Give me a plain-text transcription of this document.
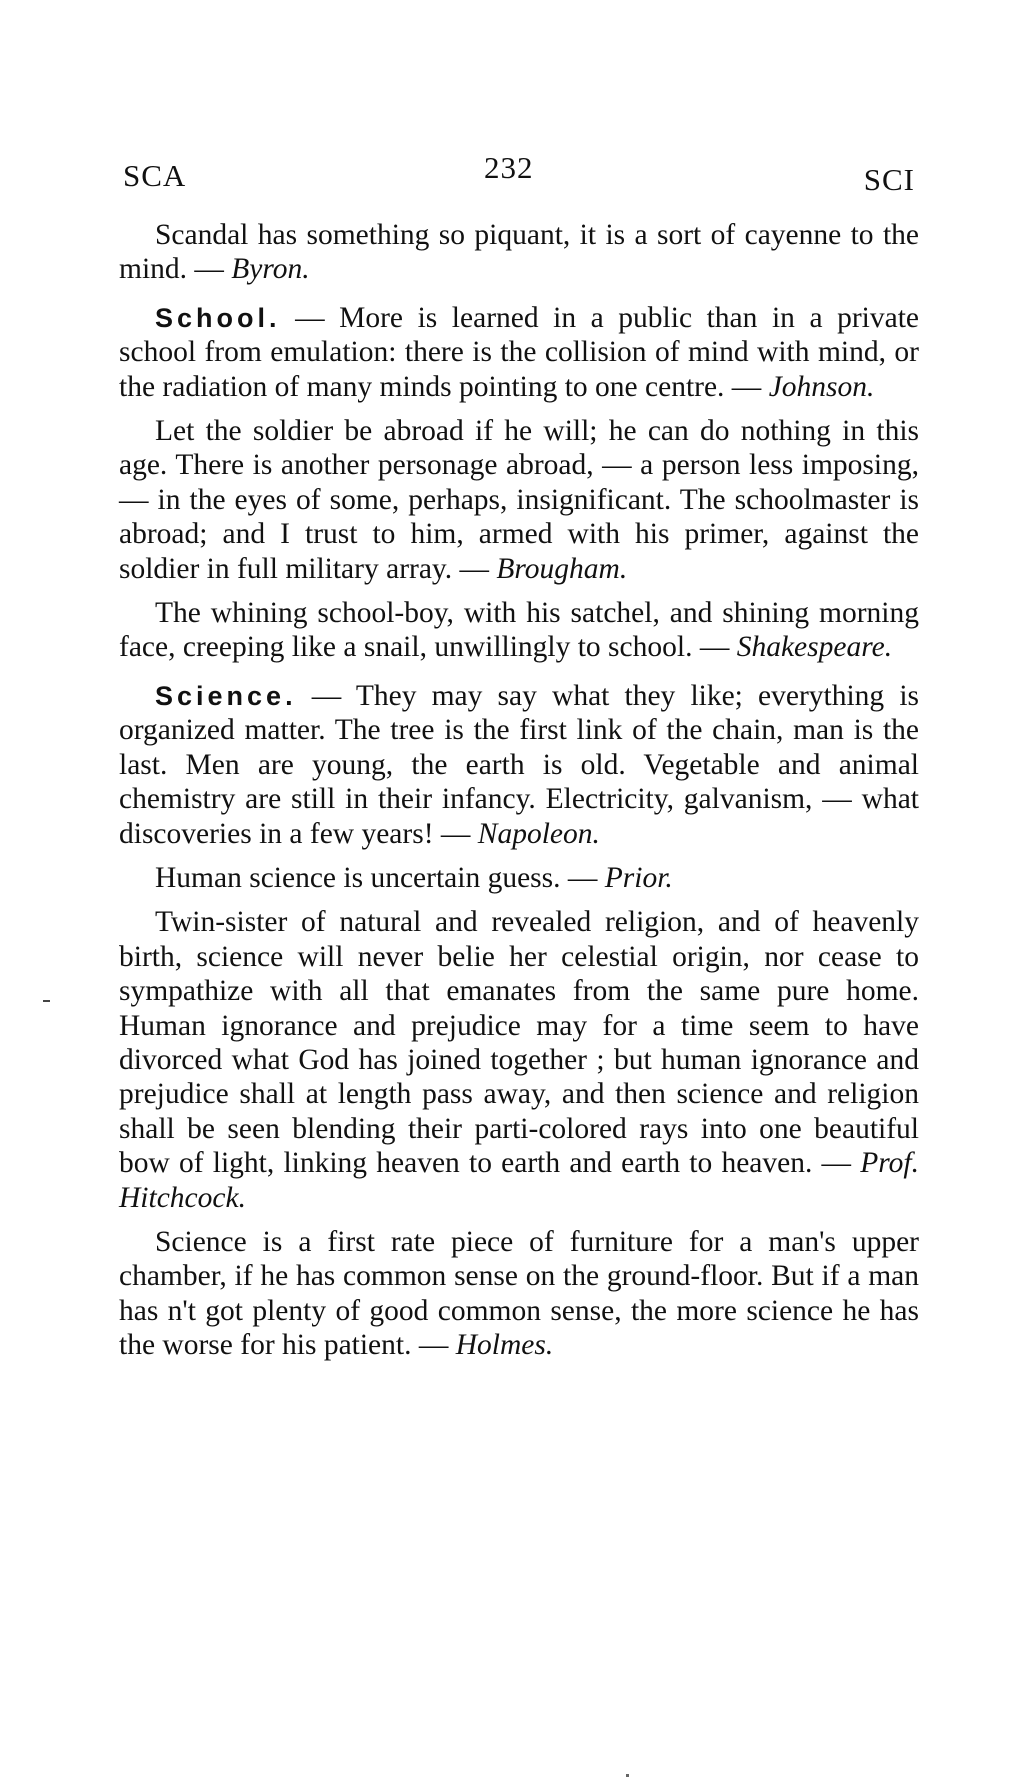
SCA	232	SCI

Scandal has something so piquant, it is a sort of cayenne to the mind. — Byron.

School. — More is learned in a public than in a private school from emulation: there is the collision of mind with mind, or the radiation of many minds pointing to one centre. — Johnson.

Let the soldier be abroad if he will; he can do nothing in this age. There is another personage abroad, — a person less imposing, — in the eyes of some, perhaps, insignificant. The schoolmaster is abroad; and I trust to him, armed with his primer, against the soldier in full military array. — Brougham.

The whining school-boy, with his satchel, and shining morning face, creeping like a snail, unwillingly to school. — Shakespeare.

Science. — They may say what they like; everything is organized matter. The tree is the first link of the chain, man is the last. Men are young, the earth is old. Vegetable and animal chemistry are still in their infancy. Electricity, galvanism, — what discoveries in a few years! — Napoleon.

Human science is uncertain guess. — Prior.

Twin-sister of natural and revealed religion, and of heavenly birth, science will never belie her celestial origin, nor cease to sympathize with all that emanates from the same pure home. Human ignorance and prejudice may for a time seem to have divorced what God has joined together ; but human ignorance and prejudice shall at length pass away, and then science and religion shall be seen blending their parti-colored rays into one beautiful bow of light, linking heaven to earth and earth to heaven. — Prof. Hitchcock.

Science is a first rate piece of furniture for a man's upper chamber, if he has common sense on the ground-floor. But if a man has n't got plenty of good common sense, the more science he has the worse for his patient. — Holmes.
